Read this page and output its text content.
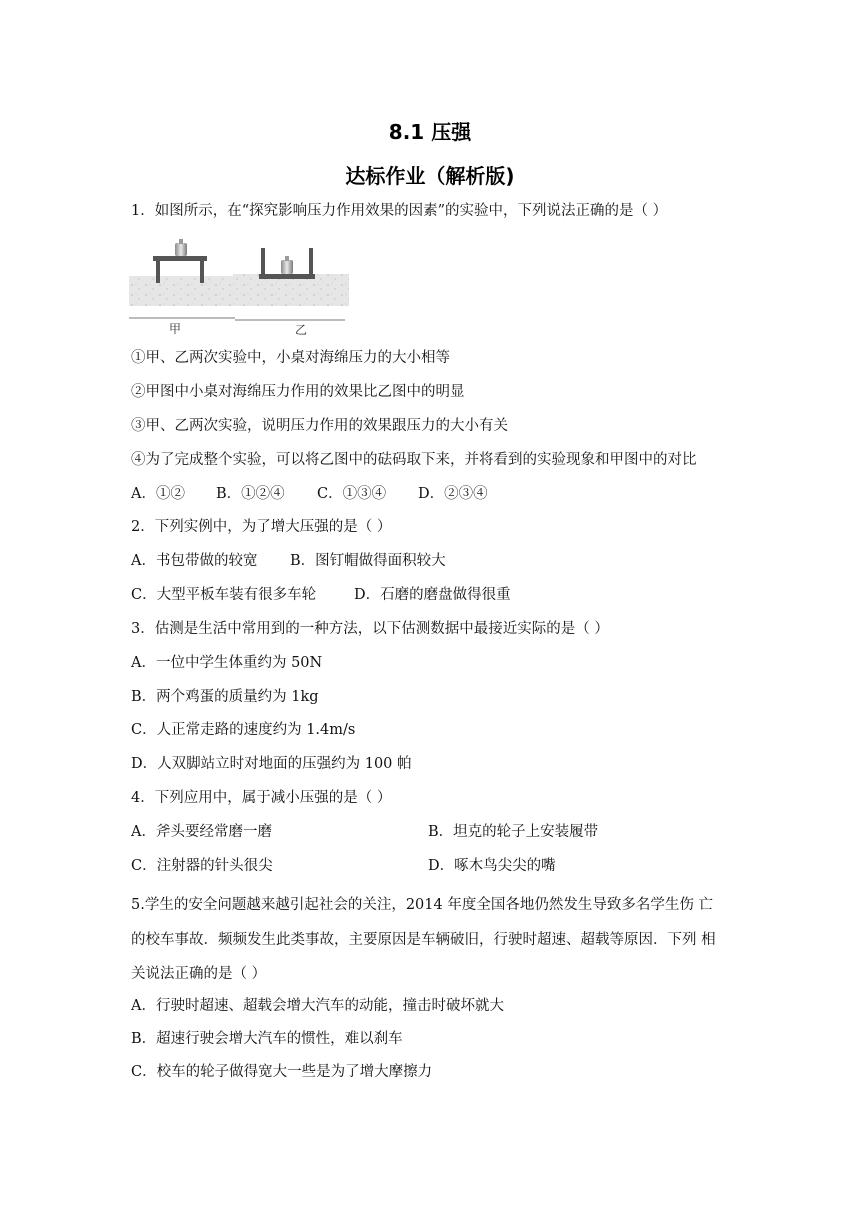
8.1 压强
达标作业（解析版)
1．如图所示，在“探究影响压力作用效果的因素”的实验中，下列说法正确的是（ ）
甲	乙
①甲、乙两次实验中，小桌对海绵压力的大小相等
②甲图中小桌对海绵压力作用的效果比乙图中的明显
③甲、乙两次实验，说明压力作用的效果跟压力的大小有关
④为了完成整个实验，可以将乙图中的砝码取下来，并将看到的实验现象和甲图中的对比
A．①② B．①②④ C．①③④ D．②③④
2．下列实例中，为了增大压强的是（ ）
A．书包带做的较宽 B．图钉帽做得面积较大
C．大型平板车装有很多车轮	D．石磨的磨盘做得很重
3．估测是生活中常用到的一种方法，以下估测数据中最接近实际的是（ ）
A．一位中学生体重约为 50N
B．两个鸡蛋的质量约为 1kg
C．人正常走路的速度约为 1.4m/s
D．人双脚站立时对地面的压强约为 100 帕
4．下列应用中，属于减小压强的是（ ）
A．斧头要经常磨一磨	B．坦克的轮子上安装履带
C．注射器的针头很尖	D．啄木鸟尖尖的嘴
5.学生的安全问题越来越引起社会的关注，2014 年度全国各地仍然发生导致多名学生伤 亡
的校车事故．频频发生此类事故，主要原因是车辆破旧，行驶时超速、超载等原因．下列 相
关说法正确的是（ ）
A．行驶时超速、超载会增大汽车的动能，撞击时破坏就大
B．超速行驶会增大汽车的惯性，难以刹车
C．校车的轮子做得宽大一些是为了增大摩擦力
